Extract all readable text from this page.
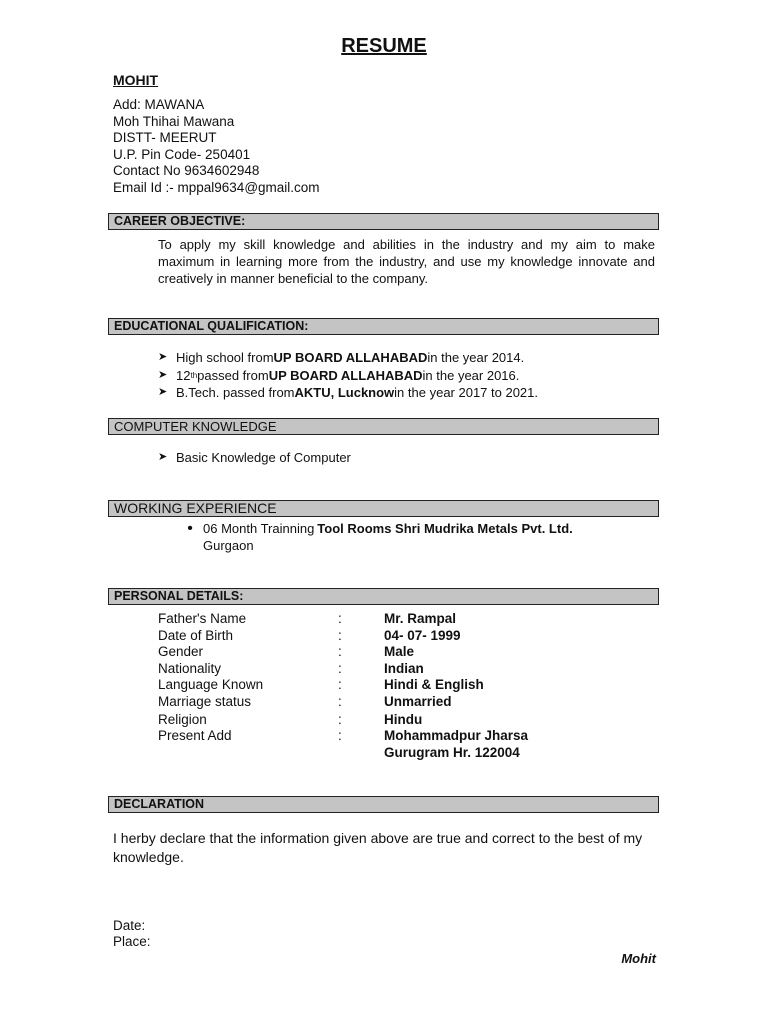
RESUME
MOHIT
Add: MAWANA
Moh Thihai Mawana
DISTT- MEERUT
U.P. Pin Code- 250401
Contact No 9634602948
Email Id :- mppal9634@gmail.com
CAREER OBJECTIVE:
To apply my skill knowledge and abilities in the industry and my aim to make maximum in learning more from the industry, and use my knowledge innovate and creatively in manner beneficial to the company.
EDUCATIONAL QUALIFICATION:
➤ High school from UP BOARD ALLAHABAD in the year 2014.
➤ 12 th passed from UP BOARD ALLAHABAD in the year 2016.
➤ B.Tech. passed from AKTU, Lucknow in the year 2017 to 2021.
COMPUTER KNOWLEDGE
➤ Basic Knowledge of Computer
WORKING EXPERIENCE
• 06 Month Trainning Tool Rooms Shri Mudrika Metals Pvt. Ltd.
Gurgaon
PERSONAL DETAILS:
Father's Name	:	Mr. Rampal
Date of Birth	:	04- 07- 1999
Gender	:	Male
Nationality	:	Indian
Language Known	:	Hindi & English
Marriage status	:	Unmarried
Religion	:	Hindu
Present Add	:	Mohammadpur Jharsa
Gurugram Hr. 122004
DECLARATION
I herby declare that the information given above are true and correct to the best of my knowledge.
Date:
Place:
Mohit
